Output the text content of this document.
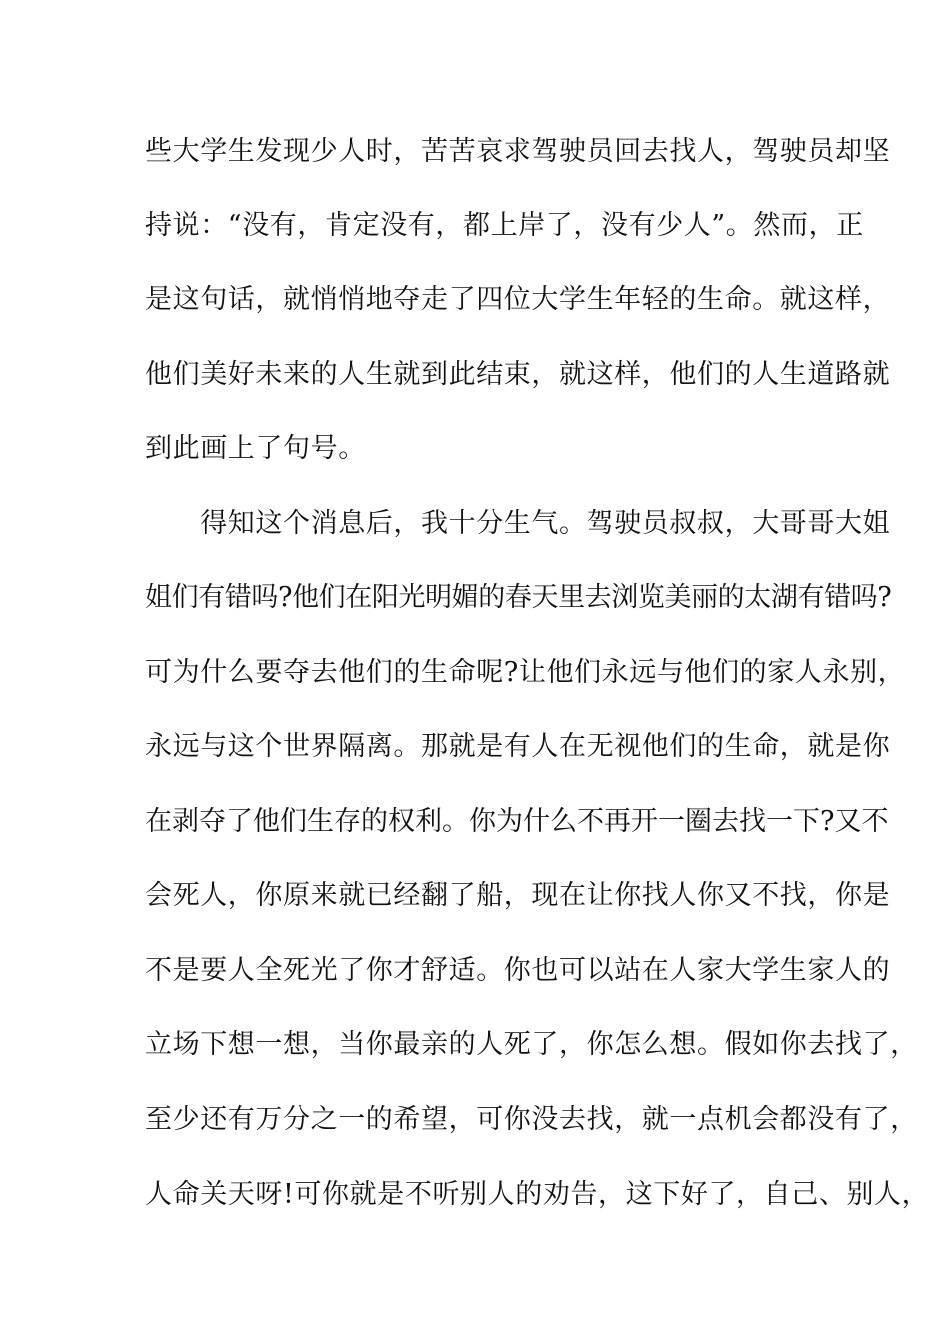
些大学生发现少人时，苦苦哀求驾驶员回去找人，驾驶员却坚
持说：“没有，肯定没有，都上岸了，没有少人”。然而，正
是这句话，就悄悄地夺走了四位大学生年轻的生命。就这样，
他们美好未来的人生就到此结束，就这样，他们的人生道路就
到此画上了句号。
　　得知这个消息后，我十分生气。驾驶员叔叔，大哥哥大姐
姐们有错吗?他们在阳光明媚的春天里去浏览美丽的太湖有错吗?
可为什么要夺去他们的生命呢?让他们永远与他们的家人永别，
永远与这个世界隔离。那就是有人在无视他们的生命，就是你
在剥夺了他们生存的权利。你为什么不再开一圈去找一下?又不
会死人，你原来就已经翻了船，现在让你找人你又不找，你是
不是要人全死光了你才舒适。你也可以站在人家大学生家人的
立场下想一想，当你最亲的人死了，你怎么想。假如你去找了，
至少还有万分之一的希望，可你没去找，就一点机会都没有了，
人命关天呀!可你就是不听别人的劝告，这下好了，自己、别人，
